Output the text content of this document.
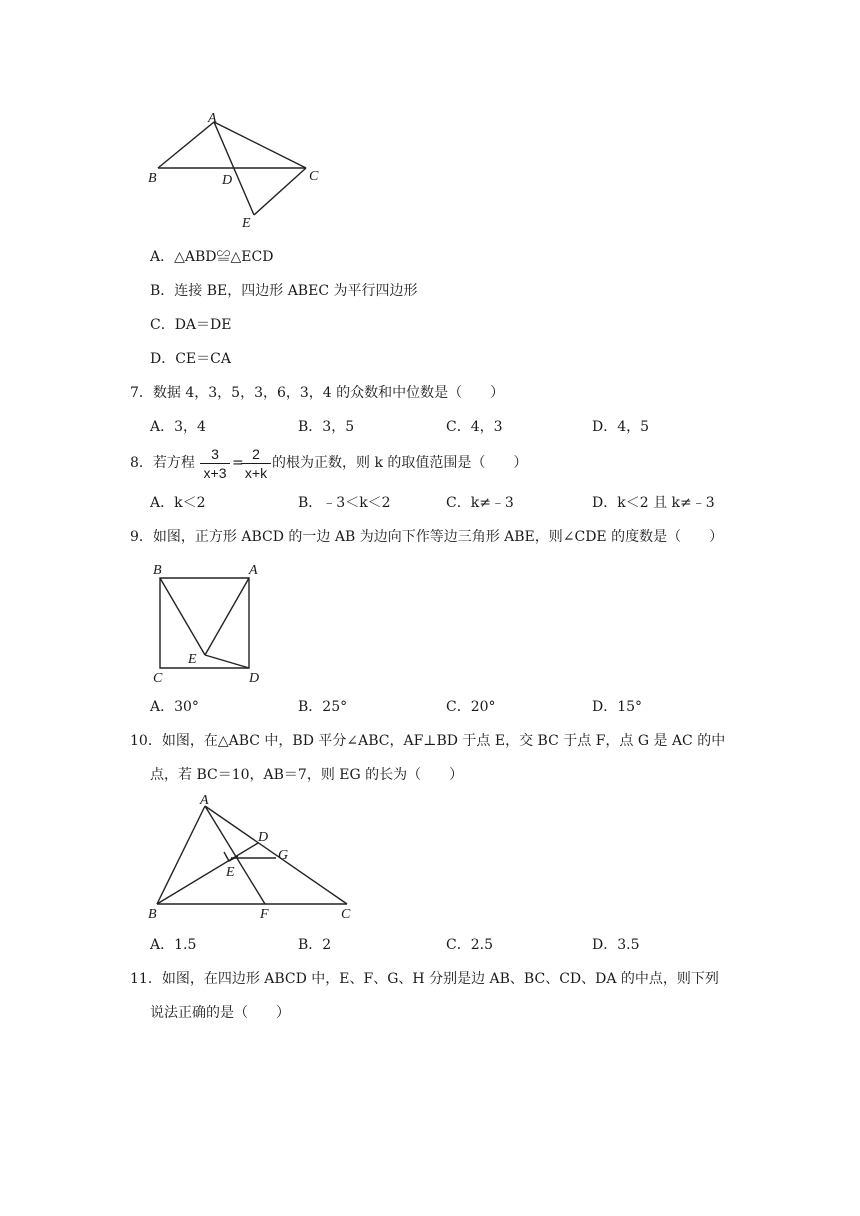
A
B	D	C
E
A．△ABD≌△ECD
B．连接 BE，四边形 ABEC 为平行四边形
C．DA＝DE
D．CE＝CA
7．数据 4，3，5，3，6，3，4 的众数和中位数是（　　）
A．3，4	B．3，5	C．4，3	D．4，5
8．若方程 $\frac{3}{x+3}$ =
$\frac{2}{x+k}$ 的根为正数，则 k 的取值范围是（　　）
A．k＜2	B．﹣3＜k＜2	C．k≠﹣3	D．k＜2 且 k≠﹣3
9．如图，正方形 ABCD 的一边 AB 为边向下作等边三角形 ABE，则∠CDE 的度数是（　　）
B	A
C	D
E
A．30°	B．25°	C．20°	D．15°
10．如图，在△ABC 中，BD 平分∠ABC，AF⊥BD 于点 E，交 BC 于点 F，点 G 是 AC 的中
点，若 BC＝10，AB＝7，则 EG 的长为（　　）
A
D
G
E
B	F	C
A．1.5	B．2	C．2.5	D．3.5
11．如图，在四边形 ABCD 中，E、F、G、H 分别是边 AB、BC、CD、DA 的中点，则下列
说法正确的是（　　）
